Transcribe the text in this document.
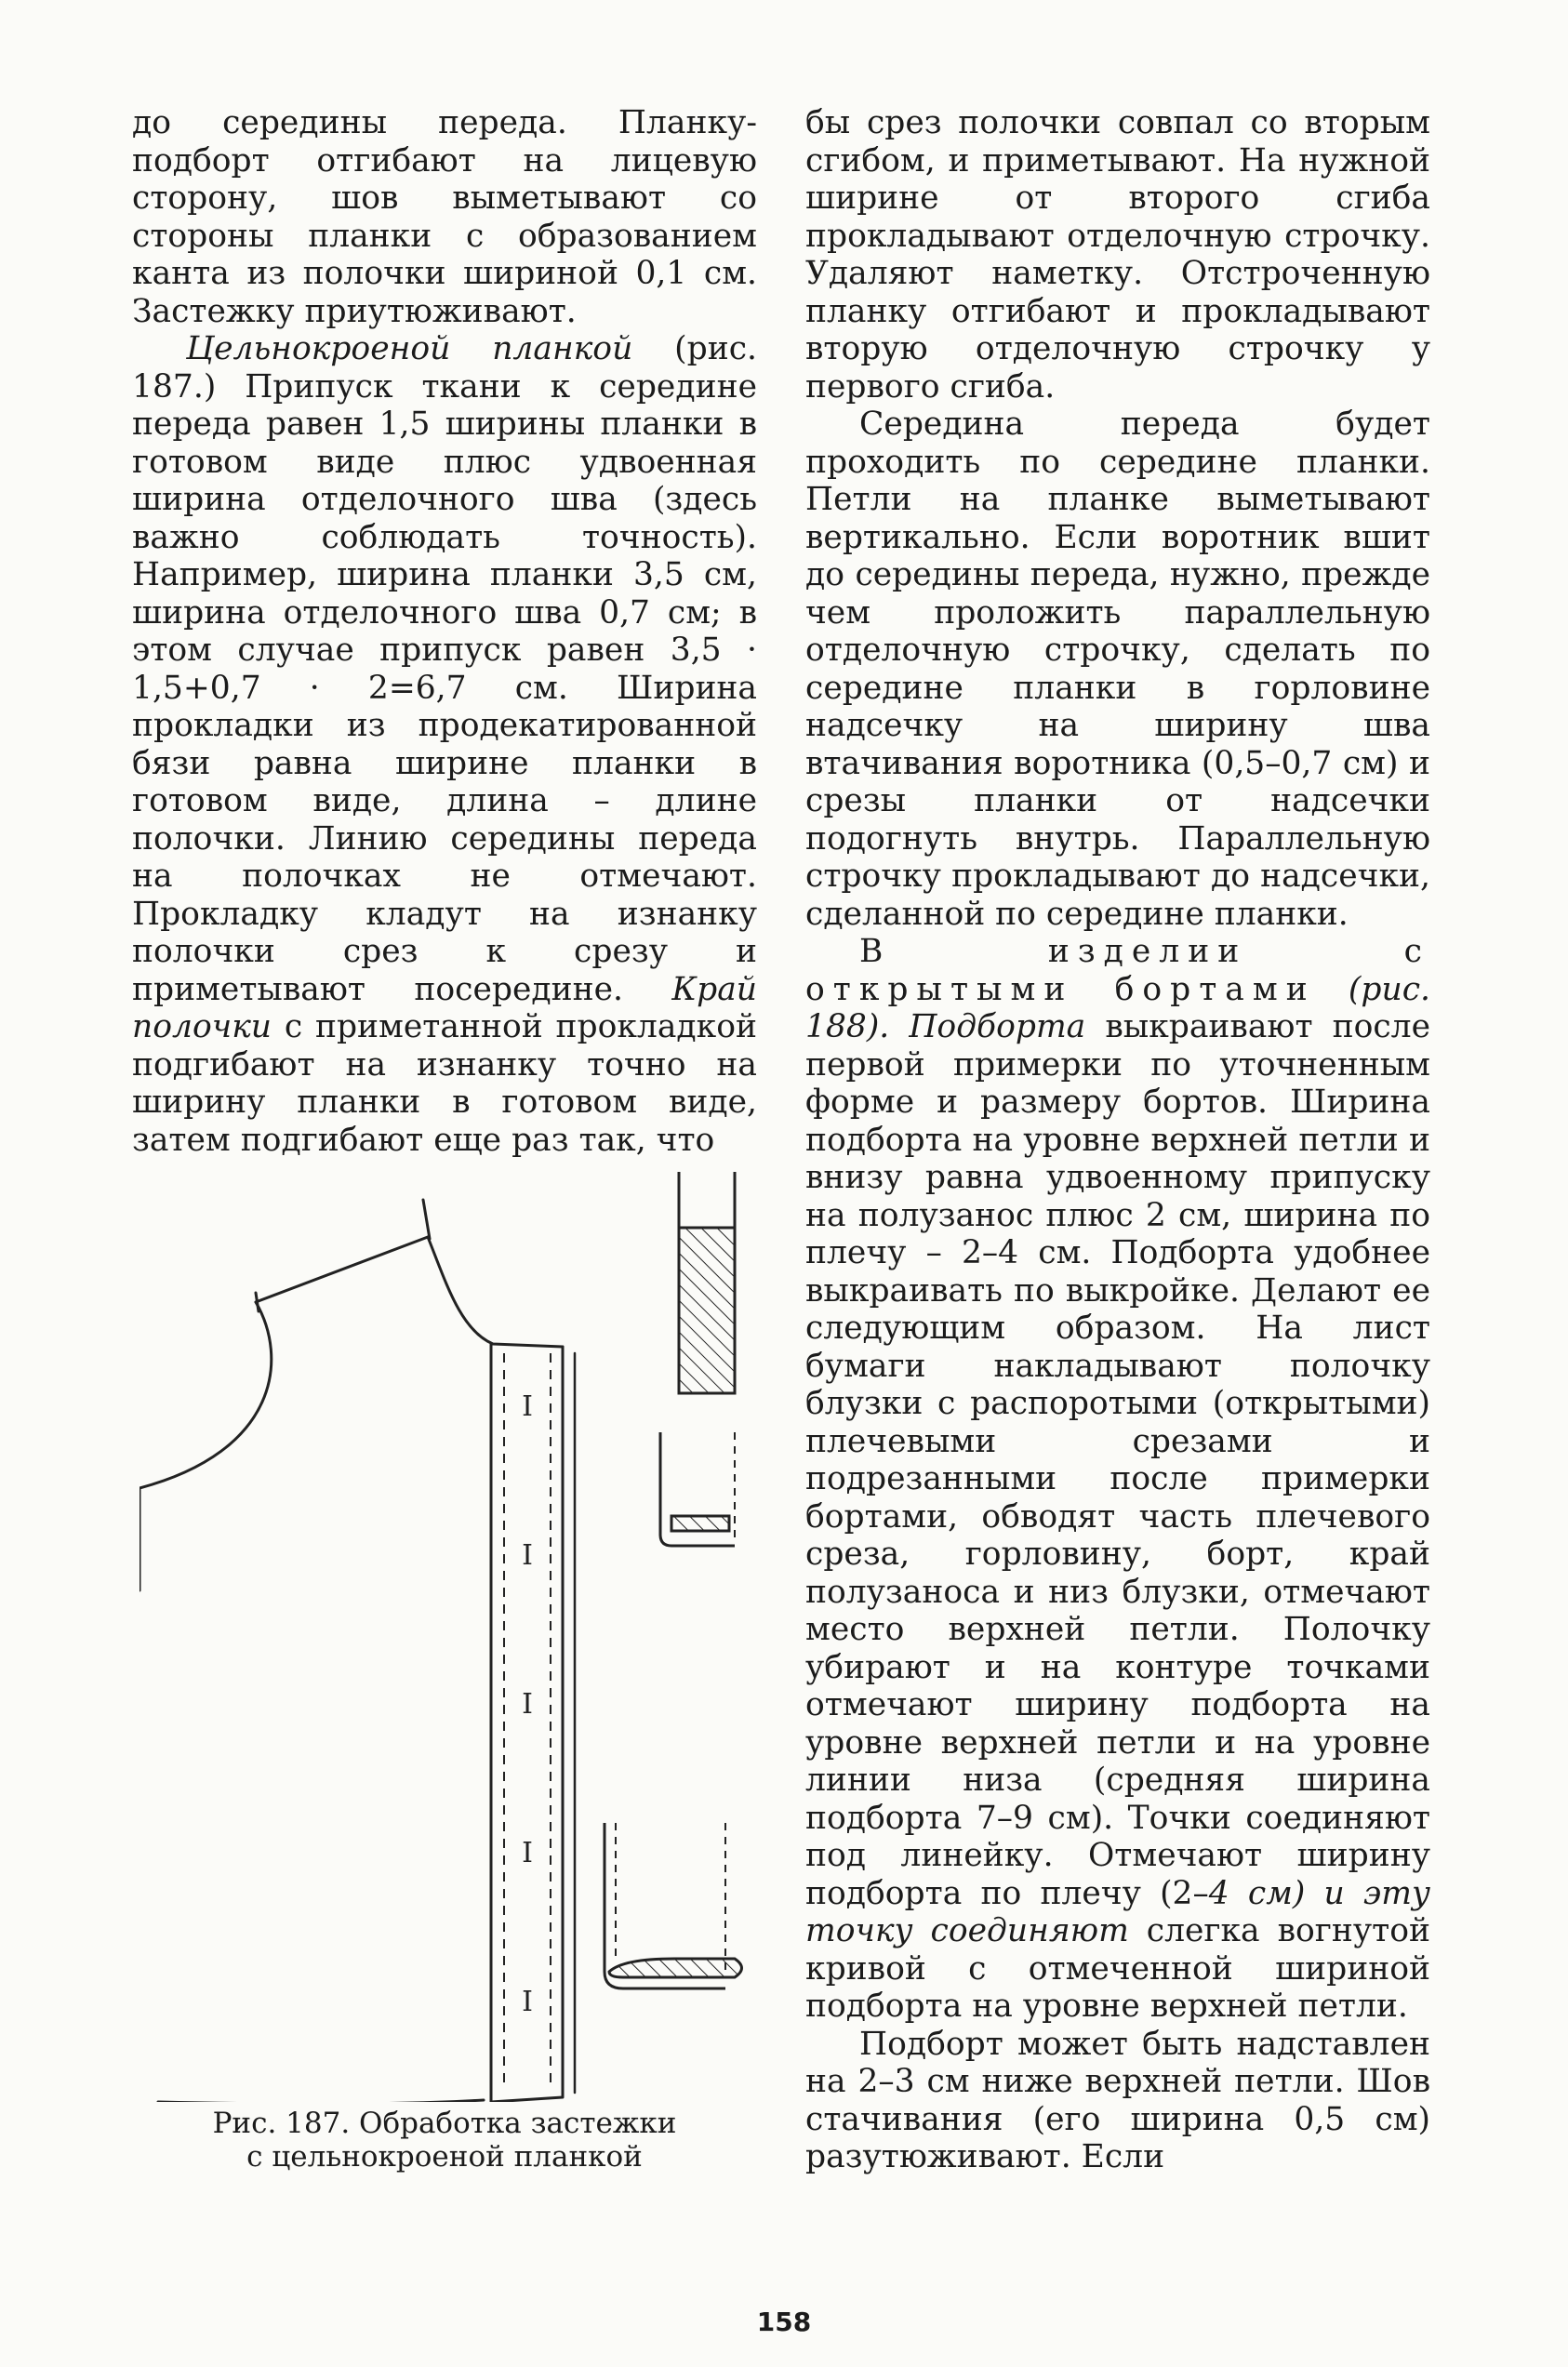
до середины переда. Планку-подборт отгибают на лицевую сторону, шов выметывают со стороны планки с образованием канта из полочки шириной 0,1 см. Застежку приутюживают.

Цельнокроеной планкой (рис. 187.) Припуск ткани к середине переда равен 1,5 ширины планки в готовом виде плюс удвоенная ширина отделочного шва (здесь важно соблюдать точность). Например, ширина планки 3,5 см, ширина отделочного шва 0,7 см; в этом случае припуск равен 3,5 · 1,5+0,7 · 2=6,7 см. Ширина прокладки из продекатированной бязи равна ширине планки в готовом виде, длина – длине полочки. Линию середины переда на полочках не отмечают. Прокладку кладут на изнанку полочки срез к срезу и приметывают посередине. Край полочки с приметанной прокладкой подгибают на изнанку точно на ширину планки в готовом виде, затем подгибают еще раз так, что

бы срез полочки совпал со вторым сгибом, и приметывают. На нужной ширине от второго сгиба прокладывают отделочную строчку. Удаляют наметку. Отстроченную планку отгибают и прокладывают вторую отделочную строчку у первого сгиба.

Середина переда будет проходить по середине планки. Петли на планке выметывают вертикально. Если воротник вшит до середины переда, нужно, прежде чем проложить параллельную отделочную строчку, сделать по середине планки в горловине надсечку на ширину шва втачивания воротника (0,5–0,7 см) и срезы планки от надсечки подогнуть внутрь. Параллельную строчку прокладывают до надсечки, сделанной по середине планки.

В изделии с открытыми бортами (рис. 188). Подборта выкраивают после первой примерки по уточненным форме и размеру бортов. Ширина подборта на уровне верхней петли и внизу равна удвоенному припуску на полузанос плюс 2 см, ширина по плечу – 2–4 см. Подборта удобнее выкраивать по выкройке. Делают ее следующим образом. На лист бумаги накладывают полочку блузки с распоротыми (открытыми) плечевыми срезами и подрезанными после примерки бортами, обводят часть плечевого среза, горловину, борт, край полузаноса и низ блузки, отмечают место верхней петли. Полочку убирают и на контуре точками отмечают ширину подборта на уровне верхней петли и на уровне линии низа (средняя ширина подборта 7–9 см). Точки соединяют под линейку. Отмечают ширину подборта по плечу (2–4 см) и эту точку соединяют слегка вогнутой кривой с отмеченной шириной подборта на уровне верхней петли.

Подборт может быть надставлен на 2–3 см ниже верхней петли. Шов стачивания (его ширина 0,5 см) разутюживают. Если

I
I
I
I
I
Рис. 187. Обработка застежки
с цельнокроеной планкой
158
